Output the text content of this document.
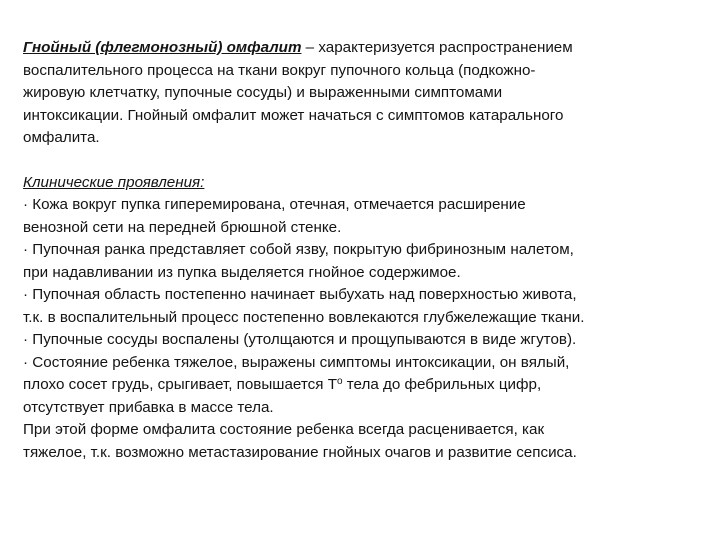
Гнойный (флегмонозный) омфалит – характеризуется распространением
воспалительного процесса на ткани вокруг пупочного кольца (подкожно-
жировую клетчатку, пупочные сосуды) и выраженными симптомами
интоксикации. Гнойный омфалит может начаться с симптомов катарального
омфалита.
Клинические проявления:
· Кожа вокруг пупка гиперемирована, отечная, отмечается расширение
венозной сети на передней брюшной стенке.
· Пупочная ранка представляет собой язву, покрытую фибринозным налетом,
при надавливании из пупка выделяется гнойное содержимое.
· Пупочная область постепенно начинает выбухать над поверхностью живота,
т.к. в воспалительный процесс постепенно вовлекаются глубжележащие ткани.
· Пупочные сосуды воспалены (утолщаются и прощупываются в виде жгутов).
· Состояние ребенка тяжелое, выражены симптомы интоксикации, он вялый,
плохо сосет грудь, срыгивает, повышается $Т^о$ тела до фебрильных цифр,
отсутствует прибавка в массе тела.
При этой форме омфалита состояние ребенка всегда расценивается, как
тяжелое, т.к. возможно метастазирование гнойных очагов и развитие сепсиса.
